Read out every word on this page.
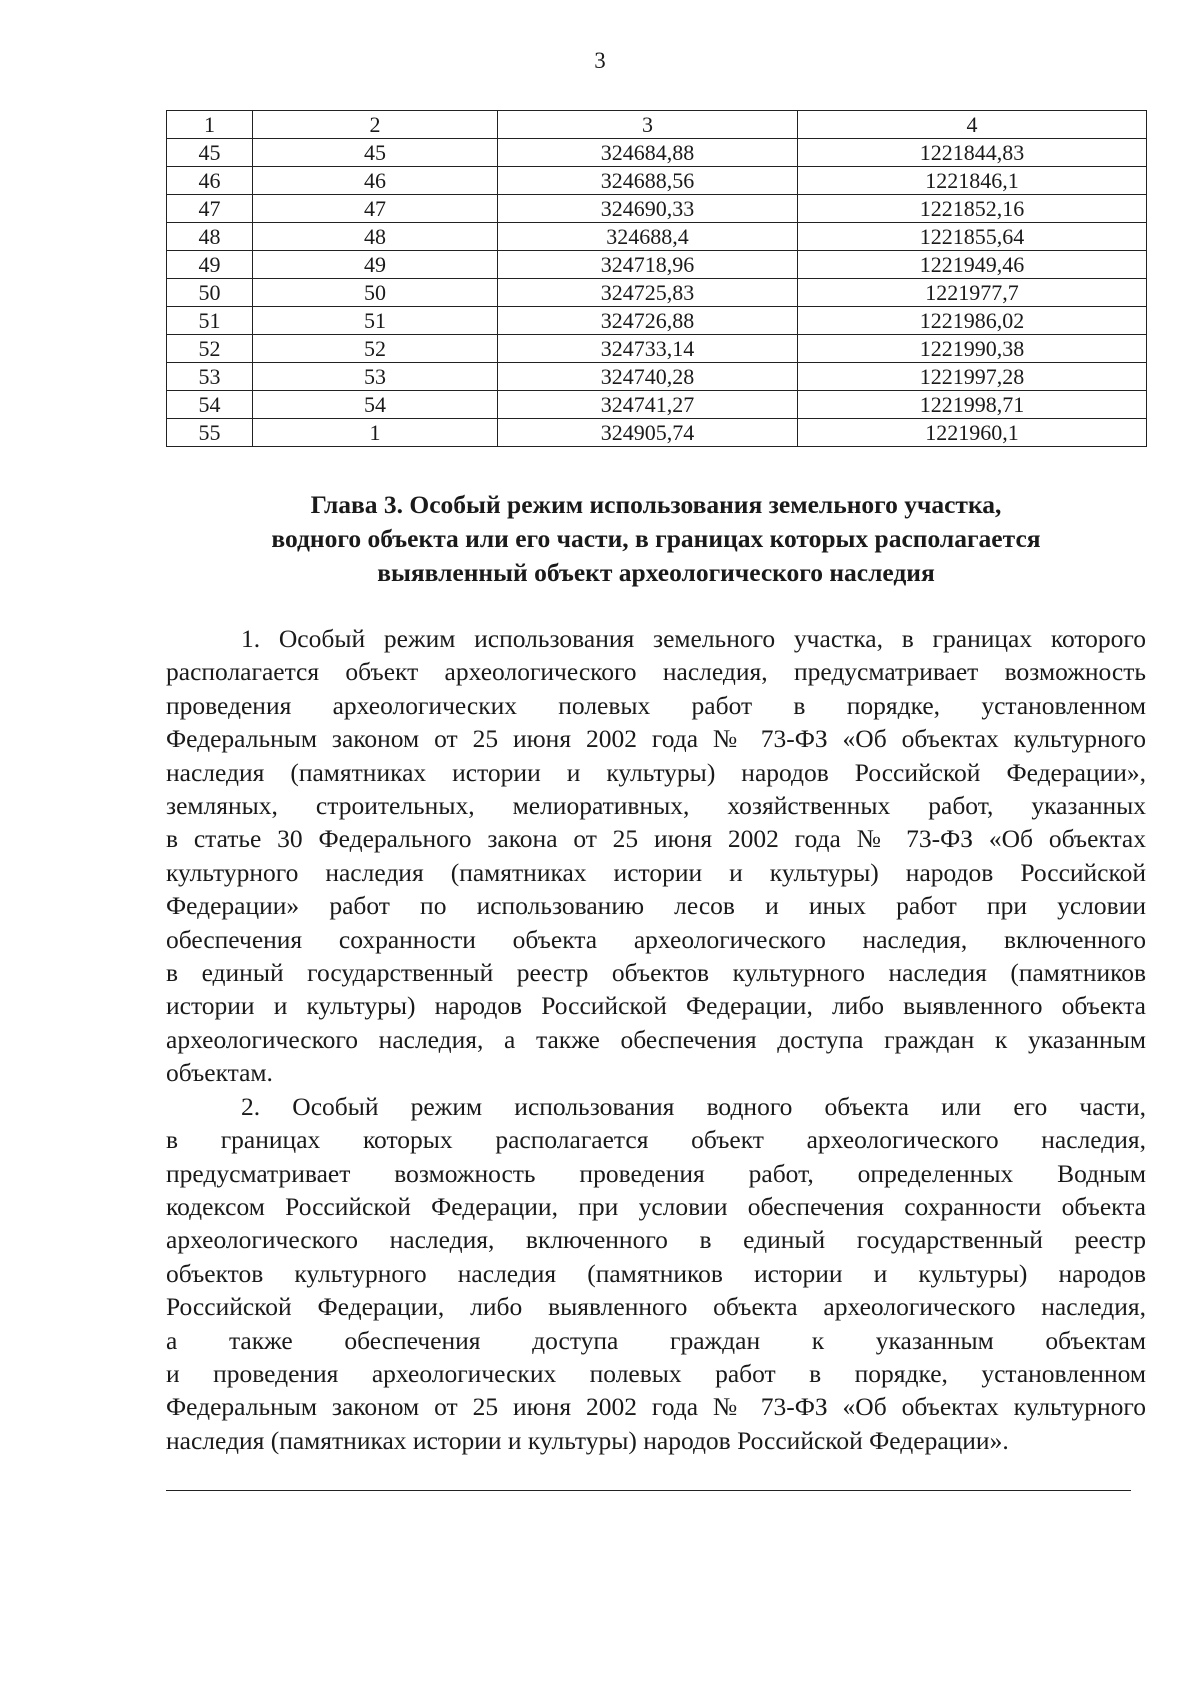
3
1	2	3	4
45	45	324684,88	1221844,83
46	46	324688,56	1221846,1
47	47	324690,33	1221852,16
48	48	324688,4	1221855,64
49	49	324718,96	1221949,46
50	50	324725,83	1221977,7
51	51	324726,88	1221986,02
52	52	324733,14	1221990,38
53	53	324740,28	1221997,28
54	54	324741,27	1221998,71
55	1	324905,74	1221960,1
Глава 3. Особый режим использования земельного участка,
водного объекта или его части, в границах которых располагается
выявленный объект археологического наследия
1. Особый режим использования земельного участка, в границах которого
располагается объект археологического наследия, предусматривает возможность
проведения археологических полевых работ в порядке, установленном
Федеральным законом от 25 июня 2002 года № 73-ФЗ «Об объектах культурного
наследия (памятниках истории и культуры) народов Российской Федерации»,
земляных, строительных, мелиоративных, хозяйственных работ, указанных
в статье 30 Федерального закона от 25 июня 2002 года № 73-ФЗ «Об объектах
культурного наследия (памятниках истории и культуры) народов Российской
Федерации» работ по использованию лесов и иных работ при условии
обеспечения сохранности объекта археологического наследия, включенного
в единый государственный реестр объектов культурного наследия (памятников
истории и культуры) народов Российской Федерации, либо выявленного объекта
археологического наследия, а также обеспечения доступа граждан к указанным
объектам.
2. Особый режим использования водного объекта или его части,
в границах которых располагается объект археологического наследия,
предусматривает возможность проведения работ, определенных Водным
кодексом Российской Федерации, при условии обеспечения сохранности объекта
археологического наследия, включенного в единый государственный реестр
объектов культурного наследия (памятников истории и культуры) народов
Российской Федерации, либо выявленного объекта археологического наследия,
а также обеспечения доступа граждан к указанным объектам
и проведения археологических полевых работ в порядке, установленном
Федеральным законом от 25 июня 2002 года № 73-ФЗ «Об объектах культурного
наследия (памятниках истории и культуры) народов Российской Федерации».
